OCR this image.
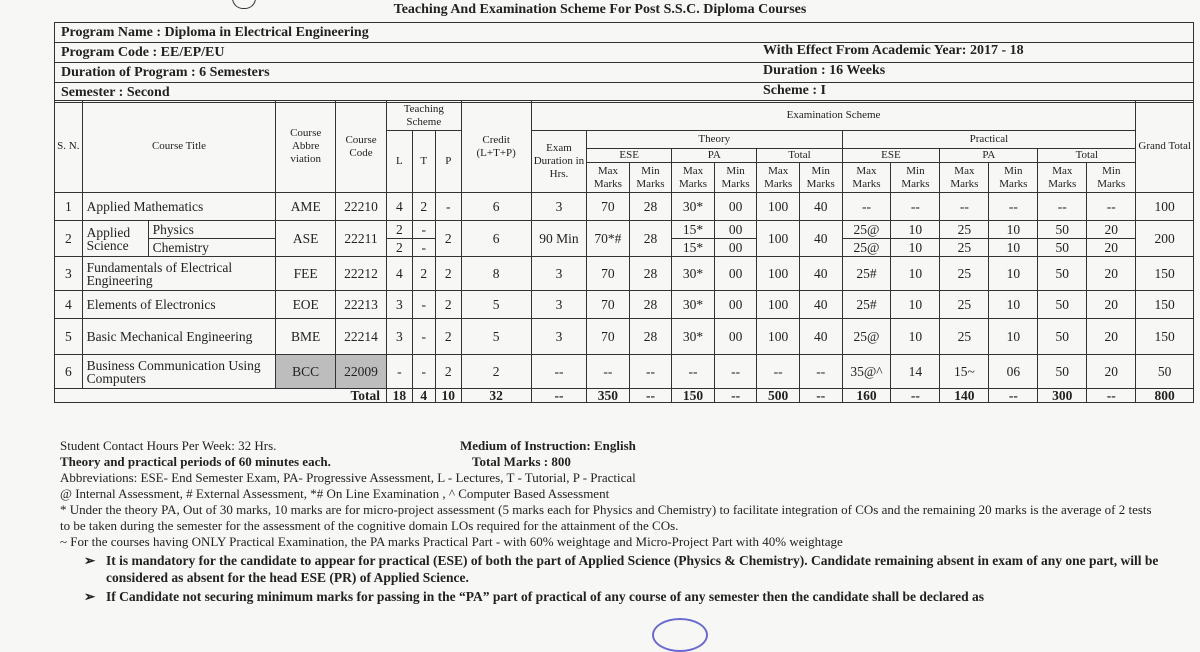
Teaching And Examination Scheme For Post S.S.C. Diploma Courses
Program Name : Diploma in Electrical Engineering
Program Code : EE/EP/EU	With Effect From Academic Year: 2017 - 18
Duration of Program : 6 Semesters	Duration : 16 Weeks
Semester : Second	Scheme : I
S. N.	Course Title		Course Abbre viation	Course Code	Teaching Scheme			Credit (L+T+P)	Examination Scheme													Grand Total
					L	T	P		Exam Duration in Hrs.	Theory						Practical						
										ESE		PA		Total		ESE		PA		Total		
										Max Marks	Min Marks	Max Marks	Min Marks	Max Marks	Min Marks	Max Marks	Min Marks	Max Marks	Min Marks	Max Marks	Min Marks	
1	Applied Mathematics		AME	22210	4	2	-	6	3	70	28	30*	00	100	40	--	--	--	--	--	--	100
2	Applied Science	Physics	ASE	22211	2	-	2	6	90 Min	70*#	28	15*	00	100	40	25@	10	25	10	50	20	200
		Chemistry			2	-						15*	00			25@	10	25	10	50	20	
3	Fundamentals of Electrical Engineering		FEE	22212	4	2	2	8	3	70	28	30*	00	100	40	25#	10	25	10	50	20	150
4	Elements of Electronics		EOE	22213	3	-	2	5	3	70	28	30*	00	100	40	25#	10	25	10	50	20	150
5	Basic Mechanical Engineering		BME	22214	3	-	2	5	3	70	28	30*	00	100	40	25@	10	25	10	50	20	150
6	Business Communication Using Computers		BCC	22009	-	-	2	2	--	--	--	--	--	--	--	35@^	14	15~	06	50	20	50
Total					18	4	10	32	--	350	--	150	--	500	--	160	--	140	--	300	--	800
Student Contact Hours Per Week: 32 Hrs.	Medium of Instruction: English
Theory and practical periods of 60 minutes each.	Total Marks : 800
Abbreviations: ESE- End Semester Exam, PA- Progressive Assessment, L - Lectures, T - Tutorial, P - Practical
@ Internal Assessment, # External Assessment, *# On Line Examination , ^ Computer Based Assessment
* Under the theory PA, Out of 30 marks, 10 marks are for micro-project assessment (5 marks each for Physics and Chemistry) to facilitate integration of COs and the remaining 20 marks is the average of 2 tests to be taken during the semester for the assessment of the cognitive domain LOs required for the attainment of the COs.
~ For the courses having ONLY Practical Examination, the PA marks Practical Part - with 60% weightage and Micro-Project Part with 40% weightage
➢ It is mandatory for the candidate to appear for practical (ESE) of both the part of Applied Science (Physics & Chemistry). Candidate remaining absent in exam of any one part, will be considered as absent for the head ESE (PR) of Applied Science.
➢ If Candidate not securing minimum marks for passing in the “PA” part of practical of any course of any semester then the candidate shall be declared as
